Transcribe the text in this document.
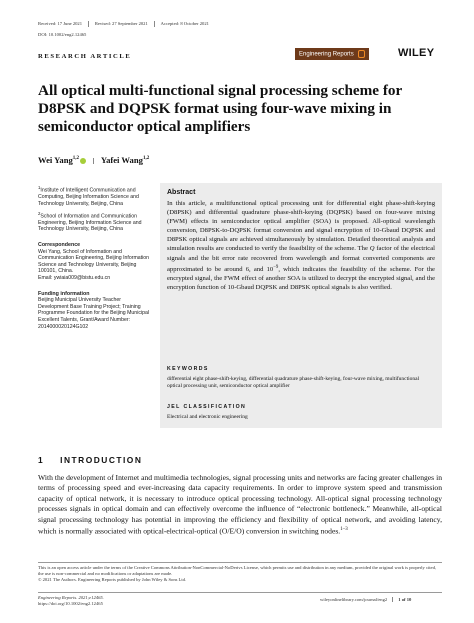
Received: 17 June 2021	Revised: 27 September 2021	Accepted: 8 October 2021
DOI: 10.1002/eng2.12465
RESEARCH ARTICLE	Engineering Reports	WILEY
All optical multi-functional signal processing scheme for D8PSK and DQPSK format using four-wave mixing in semiconductor optical amplifiers
Wei Yang$^{1,2}$	Yafei Wang$^{1,2}$
$^1$Institute of Intelligent Communication and Computing, Beijing Information Science and Technology University, Beijing, China
$^2$School of Information and Communication Engineering, Beijing Information Science and Technology University, Beijing, China
Correspondence
Wei Yang, School of Information and Communication Engineering, Beijing Information Science and Technology University, Beijing 100101, China.
Email: ywiaia009@bistu.edu.cn
Funding information
Beijing Municipal University Teacher Development Base Training Project; Training Programme Foundation for the Beijing Municipal Excellent Talents, Grant/Award Number: 2014000020124G102
Abstract
In this article, a multifunctional optical processing unit for differential eight phase-shift-keying (D8PSK) and differential quadrature phase-shift-keying (DQPSK) based on four-wave mixing (FWM) effects in semiconductor optical amplifier (SOA) is proposed. All-optical wavelength conversion, D8PSK-to-DQPSK format conversion and signal encryption of 10-Gbaud DQPSK and D8PSK optical signals are achieved simultaneously by simulation. Detailed theoretical analysis and simulation results are conducted to verify the feasibility of the scheme. The Q factor of the electrical signals and the bit error rate recovered from wavelength and format converted components are approximated to be around 6, and $10^{-9}$, which indicates the feasibility of the scheme. For the encrypted signal, the FWM effect of another SOA is utilized to decrypt the encrypted signal, and the encryption function of 10-Gbaud DQPSK and D8PSK optical signals is also verified.
KEYWORDS
differential eight phase-shift-keying, differential quadrature phase-shift-keying, four-wave mixing, multifunctional optical processing unit, semiconductor optical amplifier
JEL CLASSIFICATION
Electrical and electronic engineering
1 INTRODUCTION
With the development of Internet and multimedia technologies, signal processing units and networks are facing greater challenges in terms of processing speed and ever-increasing data capacity requirements. In order to improve system speed and transmission capacity of optical network, it is necessary to introduce optical processing technology. All-optical signal processing technology processes signals in optical domain and can effectively overcome the influence of “electronic bottleneck.” Meanwhile, all-optical signal processing technology has potential in improving the efficiency and flexibility of optical network, and avoiding latency, which is normally associated with optical-electrical-optical (O/E/O) conversion in switching nodes.$^{1-3}$
This is an open access article under the terms of the Creative Commons Attribution-NonCommercial-NoDerivs License, which permits use and distribution in any medium, provided the original work is properly cited, the use is non-commercial and no modifications or adaptations are made.
© 2021 The Authors. Engineering Reports published by John Wiley & Sons Ltd.
Engineering Reports. 2021;e12465.
https://doi.org/10.1002/eng2.12465
wileyonlinelibrary.com/journal/eng2 1 of 10
